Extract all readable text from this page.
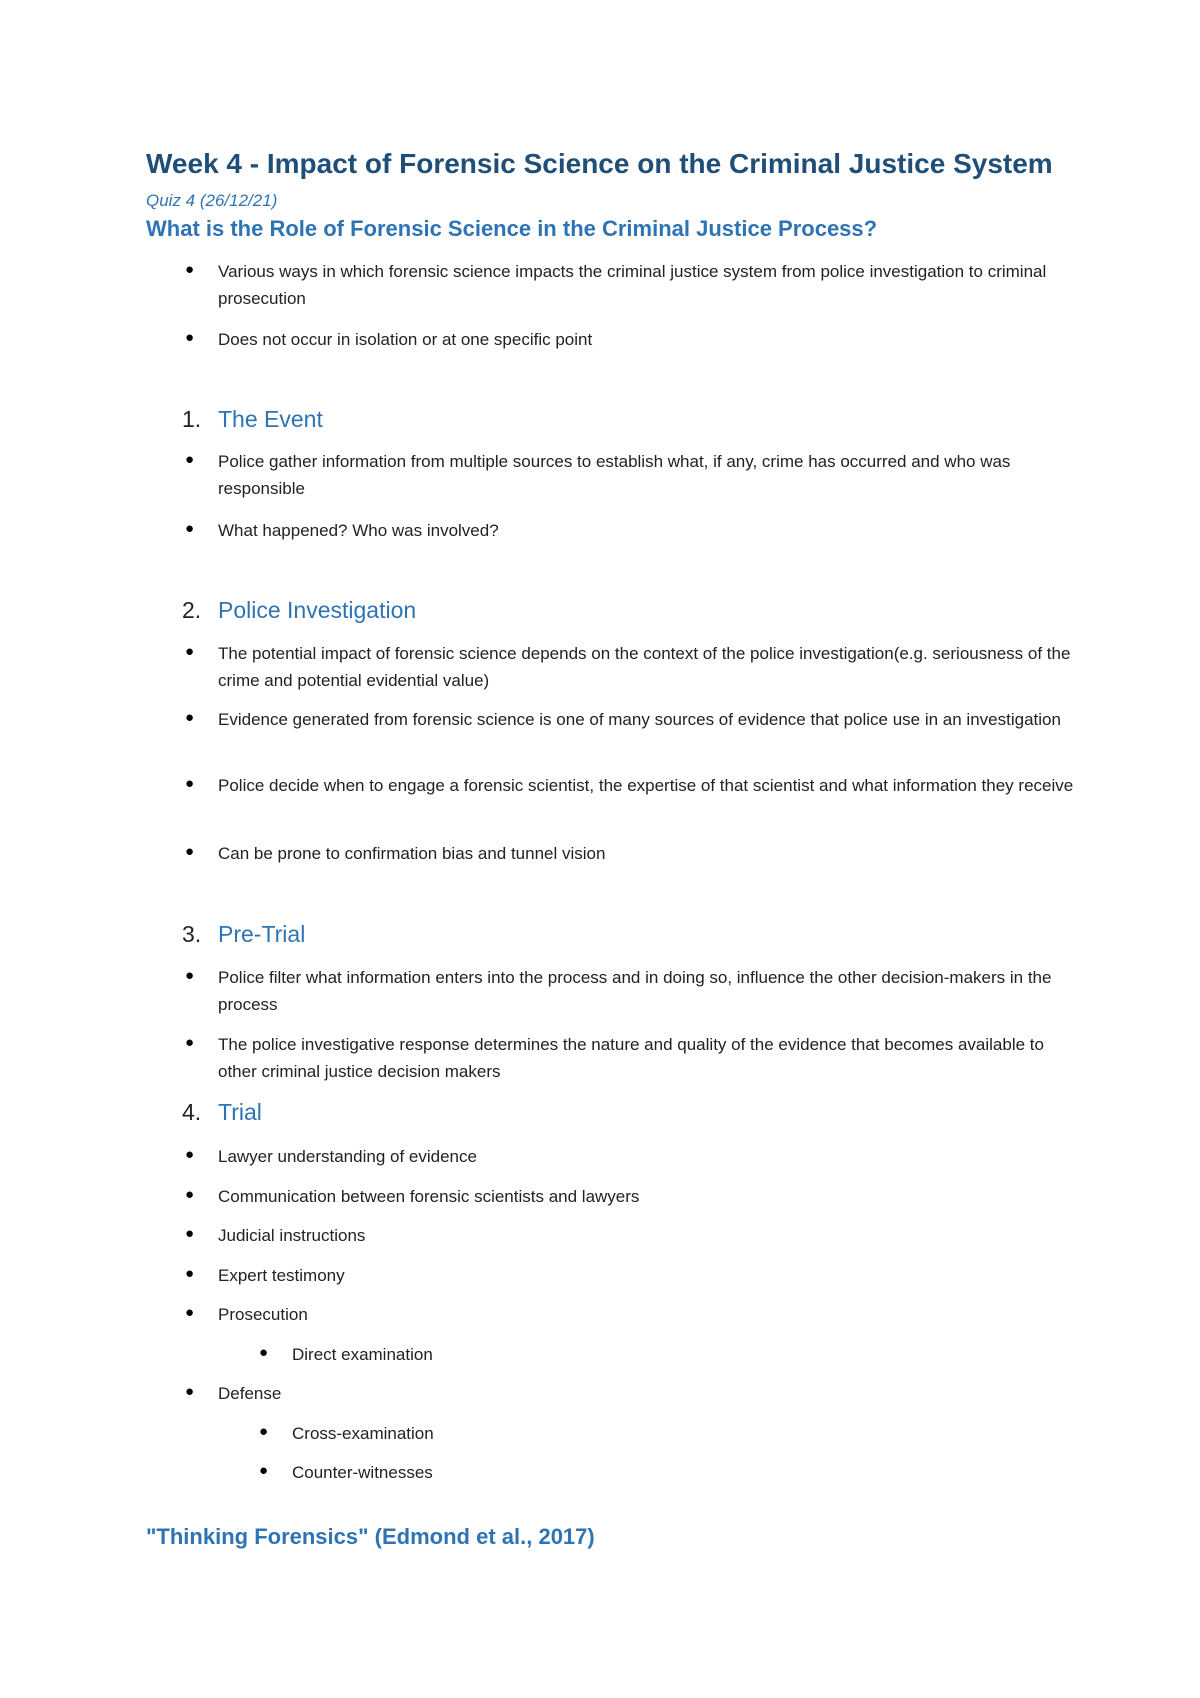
Week 4 - Impact of Forensic Science on the Criminal Justice System
Quiz 4 (26/12/21)
What is the Role of Forensic Science in the Criminal Justice Process?
● Various ways in which forensic science impacts the criminal justice system from police investigation to criminal prosecution
● Does not occur in isolation or at one specific point
1. The Event
● Police gather information from multiple sources to establish what, if any, crime has occurred and who was responsible
● What happened? Who was involved?
2. Police Investigation
● The potential impact of forensic science depends on the context of the police investigation(e.g. seriousness of the crime and potential evidential value)
● Evidence generated from forensic science is one of many sources of evidence that police use in an investigation
● Police decide when to engage a forensic scientist, the expertise of that scientist and what information they receive
● Can be prone to confirmation bias and tunnel vision
3. Pre-Trial
● Police filter what information enters into the process and in doing so, influence the other decision-makers in the process
● The police investigative response determines the nature and quality of the evidence that becomes available to other criminal justice decision makers
4. Trial
● Lawyer understanding of evidence
● Communication between forensic scientists and lawyers
● Judicial instructions
● Expert testimony
● Prosecution
● Direct examination
● Defense
● Cross-examination
● Counter-witnesses
"Thinking Forensics" (Edmond et al., 2017)
